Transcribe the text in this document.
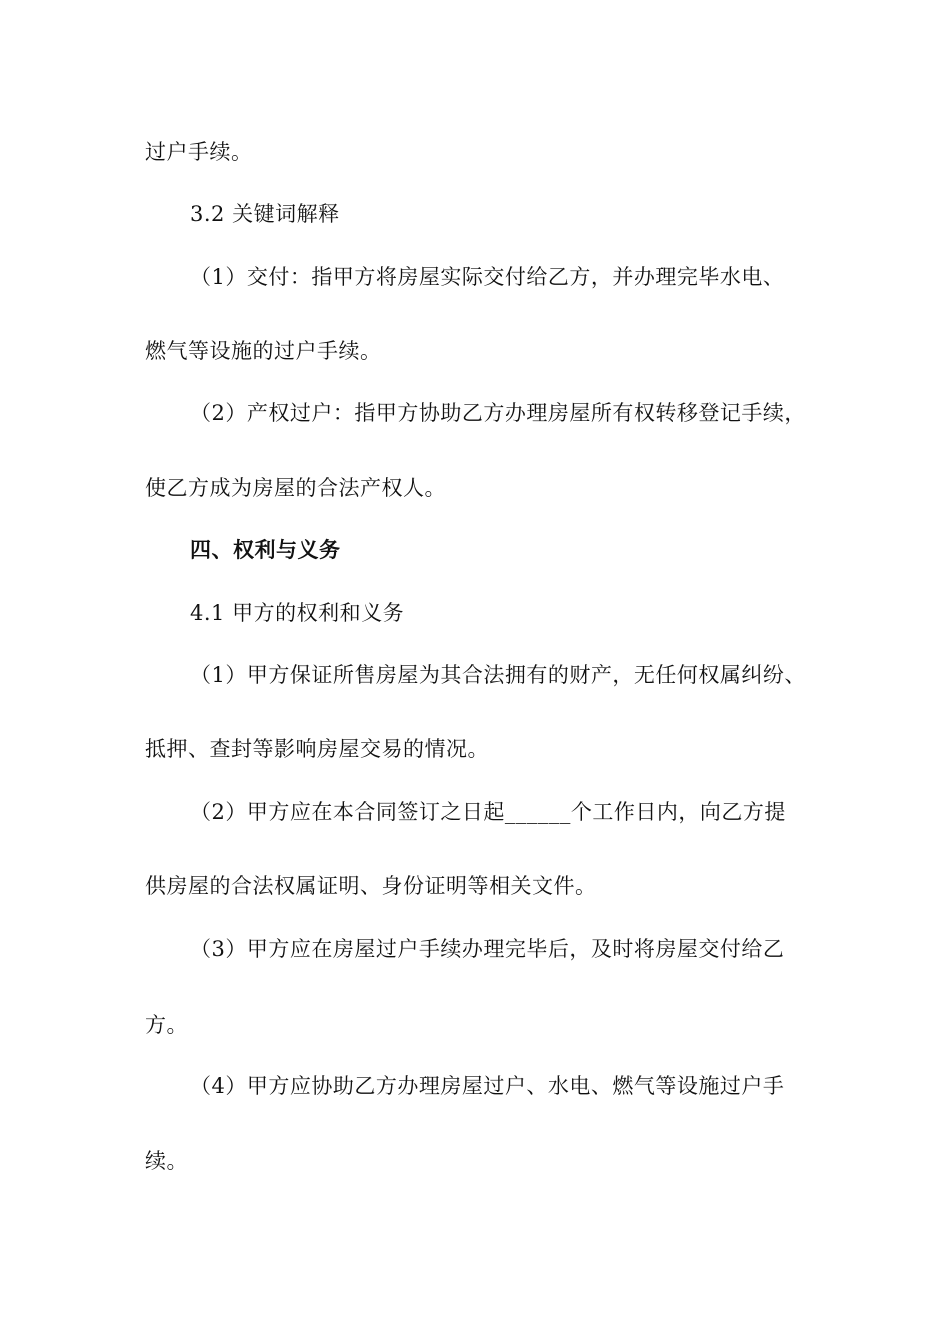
过户手续。
3.2 关键词解释
（1）交付：指甲方将房屋实际交付给乙方，并办理完毕水电、
燃气等设施的过户手续。
（2）产权过户：指甲方协助乙方办理房屋所有权转移登记手续，
使乙方成为房屋的合法产权人。
四、权利与义务
4.1 甲方的权利和义务
（1）甲方保证所售房屋为其合法拥有的财产，无任何权属纠纷、
抵押、查封等影响房屋交易的情况。
（2）甲方应在本合同签订之日起______个工作日内，向乙方提
供房屋的合法权属证明、身份证明等相关文件。
（3）甲方应在房屋过户手续办理完毕后，及时将房屋交付给乙
方。
（4）甲方应协助乙方办理房屋过户、水电、燃气等设施过户手
续。
